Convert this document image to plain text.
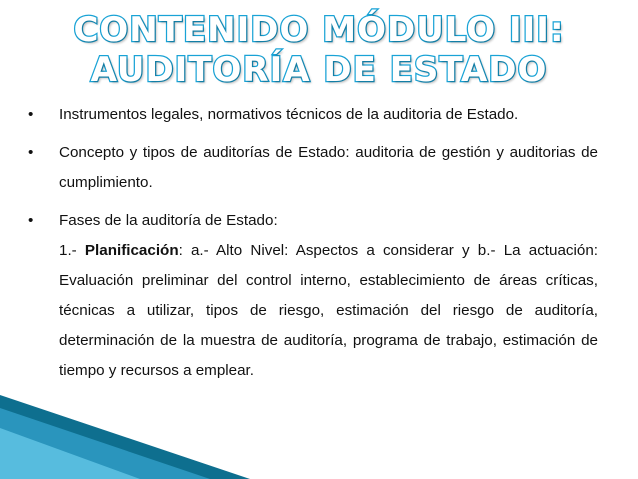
CONTENIDO MÓDULO III:
AUDITORÍA DE ESTADO
•	Instrumentos legales, normativos técnicos de la auditoria de Estado.
•	Concepto y tipos de auditorías de Estado: auditoria de gestión y auditorias de cumplimiento.
•	Fases de la auditoría de Estado:
1.- Planificación: a.- Alto Nivel: Aspectos a considerar y b.- La actuación: Evaluación preliminar del control interno, establecimiento de áreas críticas, técnicas a utilizar, tipos de riesgo, estimación del riesgo de auditoría, determinación de la muestra de auditoría, programa de trabajo, estimación de tiempo y recursos a emplear.
